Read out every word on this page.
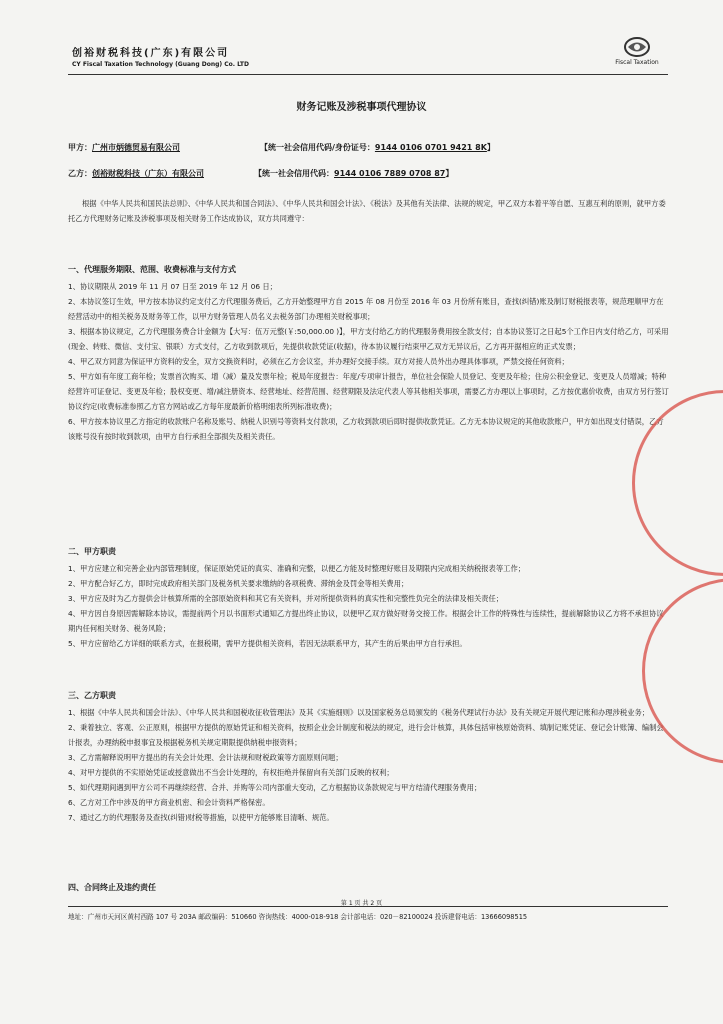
创裕财税科技(广东)有限公司
CY Fiscal Taxation Technology (Guang Dong) Co. LTD	Fiscal Taxation
财务记账及涉税事项代理协议
甲方：广州市炳德贸易有限公司	【统一社会信用代码/身份证号：9144 0106 0701 9421 8K】
乙方：创裕财税科技（广东）有限公司	【统一社会信用代码：9144 0106 7889 0708 87】
根据《中华人民共和国民法总则》、《中华人民共和国合同法》、《中华人民共和国会计法》、《税法》及其他有关法律、法规的规定，甲乙双方本着平等自愿、互惠互利的原则，就甲方委托乙方代理财务记账及涉税事项及相关财务工作达成协议，双方共同遵守：
一、代理服务期限、范围、收费标准与支付方式
1、协议期限从 2019 年 11 月 07 日至 2019 年 12 月 06 日；
2、本协议签订生效，甲方按本协议约定支付乙方代理服务费后，乙方开始整理甲方自 2015 年 08 月份至 2016 年 03 月份所有账目，查找(纠错)账及制订财税报表等，规范理顺甲方在经营活动中的相关税务及财务等工作，以甲方财务管理人员名义去税务部门办理相关财税事项；
3、根据本协议规定，乙方代理服务费合计金额为【大写：伍万元整(￥:50,000.00 )】，甲方支付给乙方的代理服务费用按全款支付；自本协议签订之日起5个工作日内支付给乙方，可采用(现金、转账、微信、支付宝、银联）方式支付，乙方收到款项后，先提供收款凭证(收据)，待本协议履行结束甲乙双方无异议后，乙方再开据相应的正式发票；
4、甲乙双方同意为保证甲方资料的安全，双方交换资料时，必须在乙方会议室，并办理好交接手续。双方对接人员外出办理具体事项，严禁交接任何资料；
5、甲方如有年度工商年检；发票首次购买、增（减）量及发票年检；税局年度报告：年度/专项审计报告，单位社会保险人员登记、变更及年检；住房公积金登记、变更及人员增减；特种经营许可证登记、变更及年检；股权变更、增/减注册资本、经营地址、经营范围、经营期限及法定代表人等其他相关事项，需要乙方办理以上事项时，乙方按优惠价收费，由双方另行签订协议约定(收费标准参照乙方官方网站或乙方每年度最新价格明细表所列标准收费)；
6、甲方按本协议里乙方指定的收款账户名称及账号、纳税人识别号等资料支付款项，乙方收到款项后即时提供收款凭证。乙方无本协议规定的其他收款账户，甲方如出现支付错误，乙方该账号没有按时收到款项，由甲方自行承担全部损失及相关责任。
二、甲方职责
1、甲方应建立和完善企业内部管理制度，保证原始凭证的真实、准确和完整，以便乙方能及时整理好账目及期限内完成相关纳税报表等工作；
2、甲方配合好乙方，即时完成政府相关部门及税务机关要求缴纳的各项税费、滞纳金及罚金等相关费用；
3、甲方应及时为乙方提供会计核算所需的全部原始资料和其它有关资料，并对所提供资料的真实性和完整性负完全的法律及相关责任；
4、甲方因自身原因需解除本协议，需提前两个月以书面形式通知乙方提出终止协议，以便甲乙双方做好财务交接工作。根据会计工作的特殊性与连续性，提前解除协议乙方将不承担协议期内任何相关财务、税务风险；
5、甲方应留给乙方详细的联系方式，在报税期，需甲方提供相关资料，若因无法联系甲方，其产生的后果由甲方自行承担。
三、乙方职责
1、根据《中华人民共和国会计法》、《中华人民共和国税收征收管理法》及其《实施细则》以及国家税务总局颁发的《税务代理试行办法》及有关规定开展代理记账和办理涉税业务；
2、秉着独立、客观、公正原则，根据甲方提供的原始凭证和相关资料，按照企业会计制度和税法的规定，进行会计核算，具体包括审核原始资料、填制记账凭证、登记会计账簿、编制会计报表，办理纳税申报事宜及根据税务机关规定期限提供纳税申报资料；
3、乙方需解释说明甲方提出的有关会计处理、会计法规和财税政策等方面原则问题；
4、对甲方提供的不实原始凭证或授意做出不当会计处理的，有权拒绝并保留向有关部门反映的权利；
5、如代理期间遇到甲方公司不再继续经营、合并、并购等公司内部重大变动，乙方根据协议条款规定与甲方结清代理服务费用；
6、乙方对工作中涉及的甲方商业机密、和会计资料严格保密。
7、通过乙方的代理服务及查找(纠错)财税等措施，以使甲方能够账目清晰、规范。
四、合同终止及违约责任
第 1 页 共 2 页
地址：广州市天河区黄村西路 107 号 203A 邮政编码：510660 咨询热线：4000-018-918 会计部电话：020－82100024 投诉建督电话：13666098515
